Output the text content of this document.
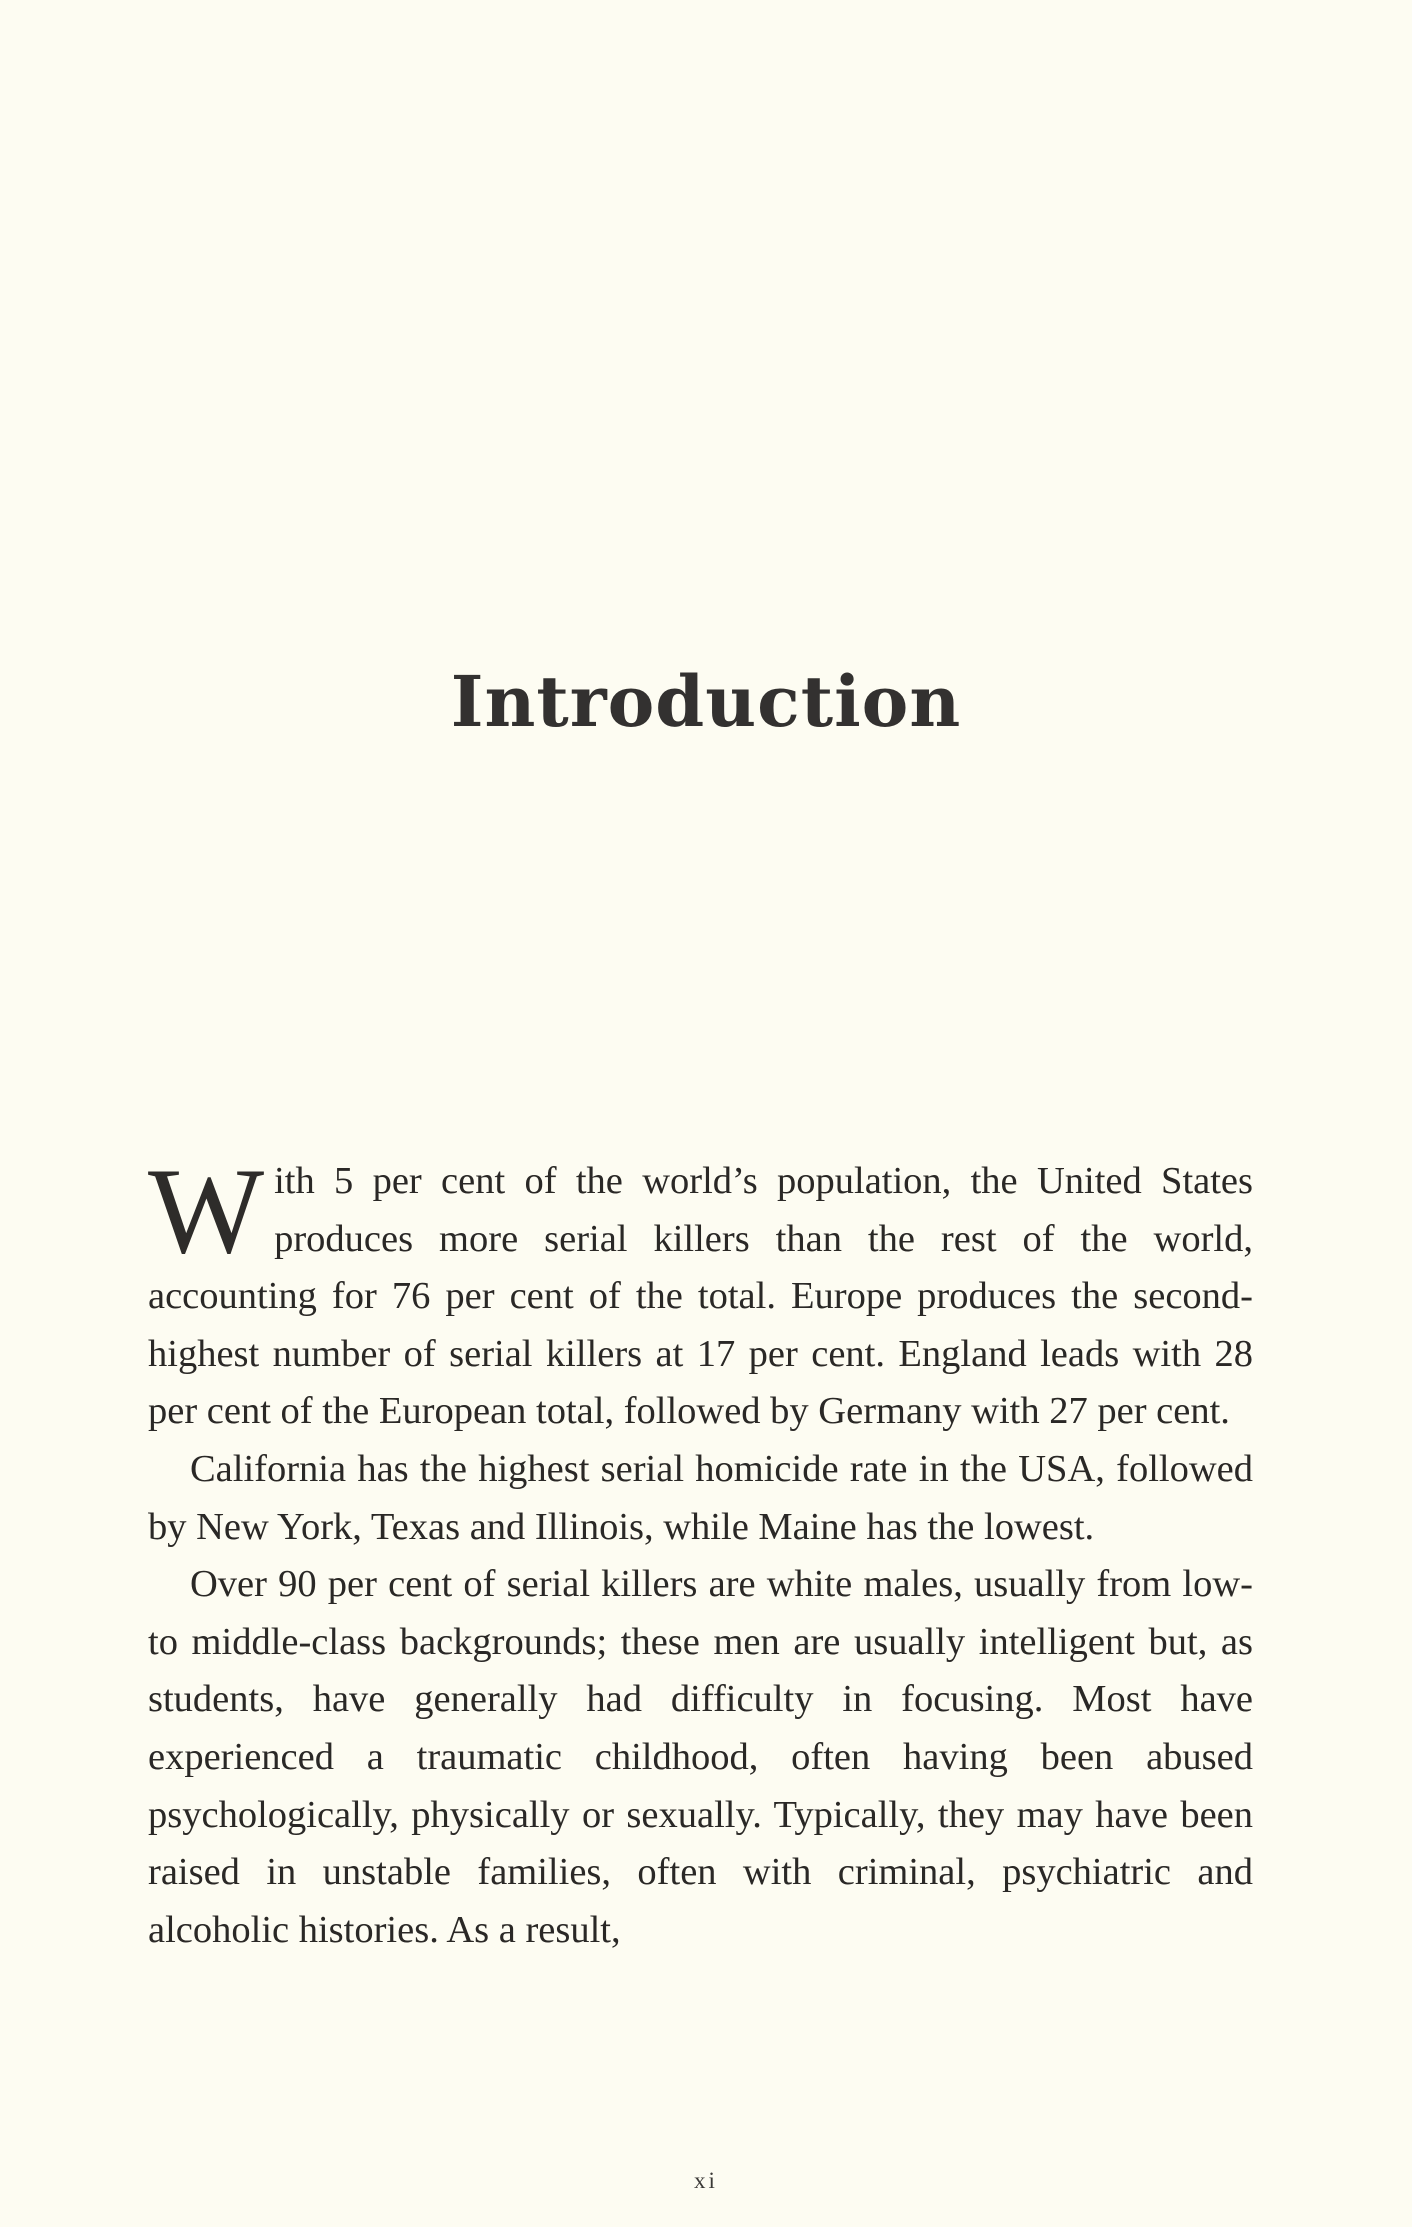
Introduction

W ith 5 per cent of the world’s population, the United States produces more serial killers than the rest of the world, accounting for 76 per cent of the total. Europe produces the second-highest number of serial killers at 17 per cent. England leads with 28 per cent of the European total, followed by Germany with 27 per cent.

California has the highest serial homicide rate in the USA, followed by New York, Texas and Illinois, while Maine has the lowest.

Over 90 per cent of serial killers are white males, usually from low- to middle-class backgrounds; these men are usually intelligent but, as students, have generally had difficulty in focusing. Most have experienced a traumatic childhood, often having been abused psychologically, physically or sexually. Typically, they may have been raised in unstable families, often with criminal, psychiatric and alcoholic histories. As a result,

xi
